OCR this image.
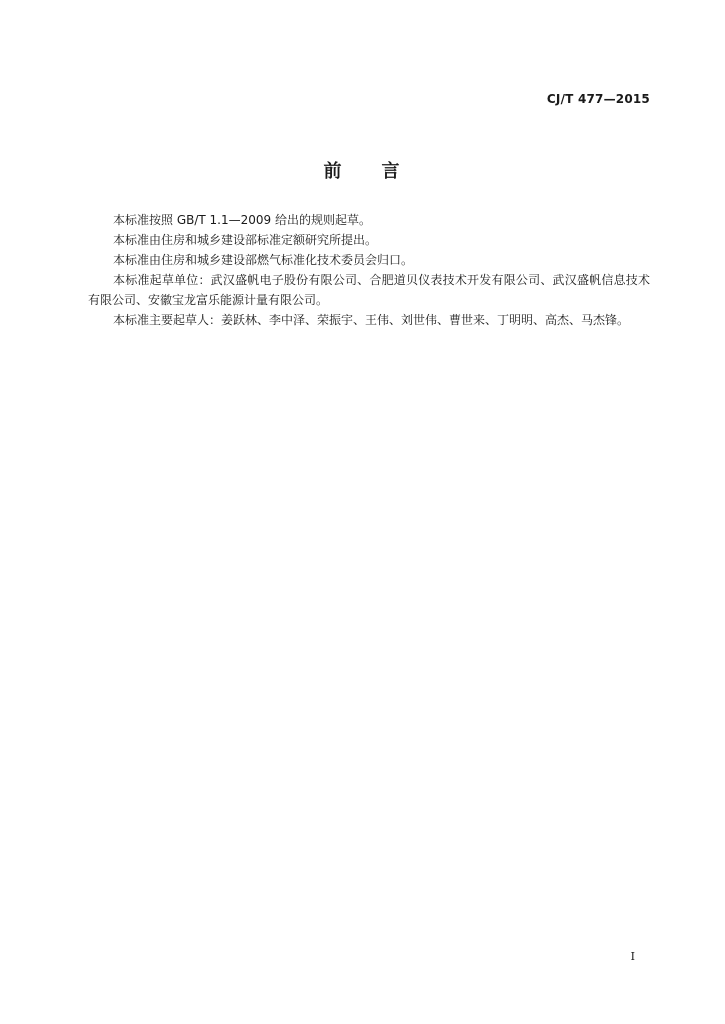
CJ/T 477—2015
前 言

本标准按照 GB/T 1.1—2009 给出的规则起草。

本标准由住房和城乡建设部标准定额研究所提出。

本标准由住房和城乡建设部燃气标准化技术委员会归口。

本标准起草单位：武汉盛帆电子股份有限公司、合肥道贝仪表技术开发有限公司、武汉盛帆信息技术有限公司、安徽宝龙富乐能源计量有限公司。

本标准主要起草人：姜跃林、李中泽、荣振宇、王伟、刘世伟、曹世来、丁明明、高杰、马杰锋。

I
